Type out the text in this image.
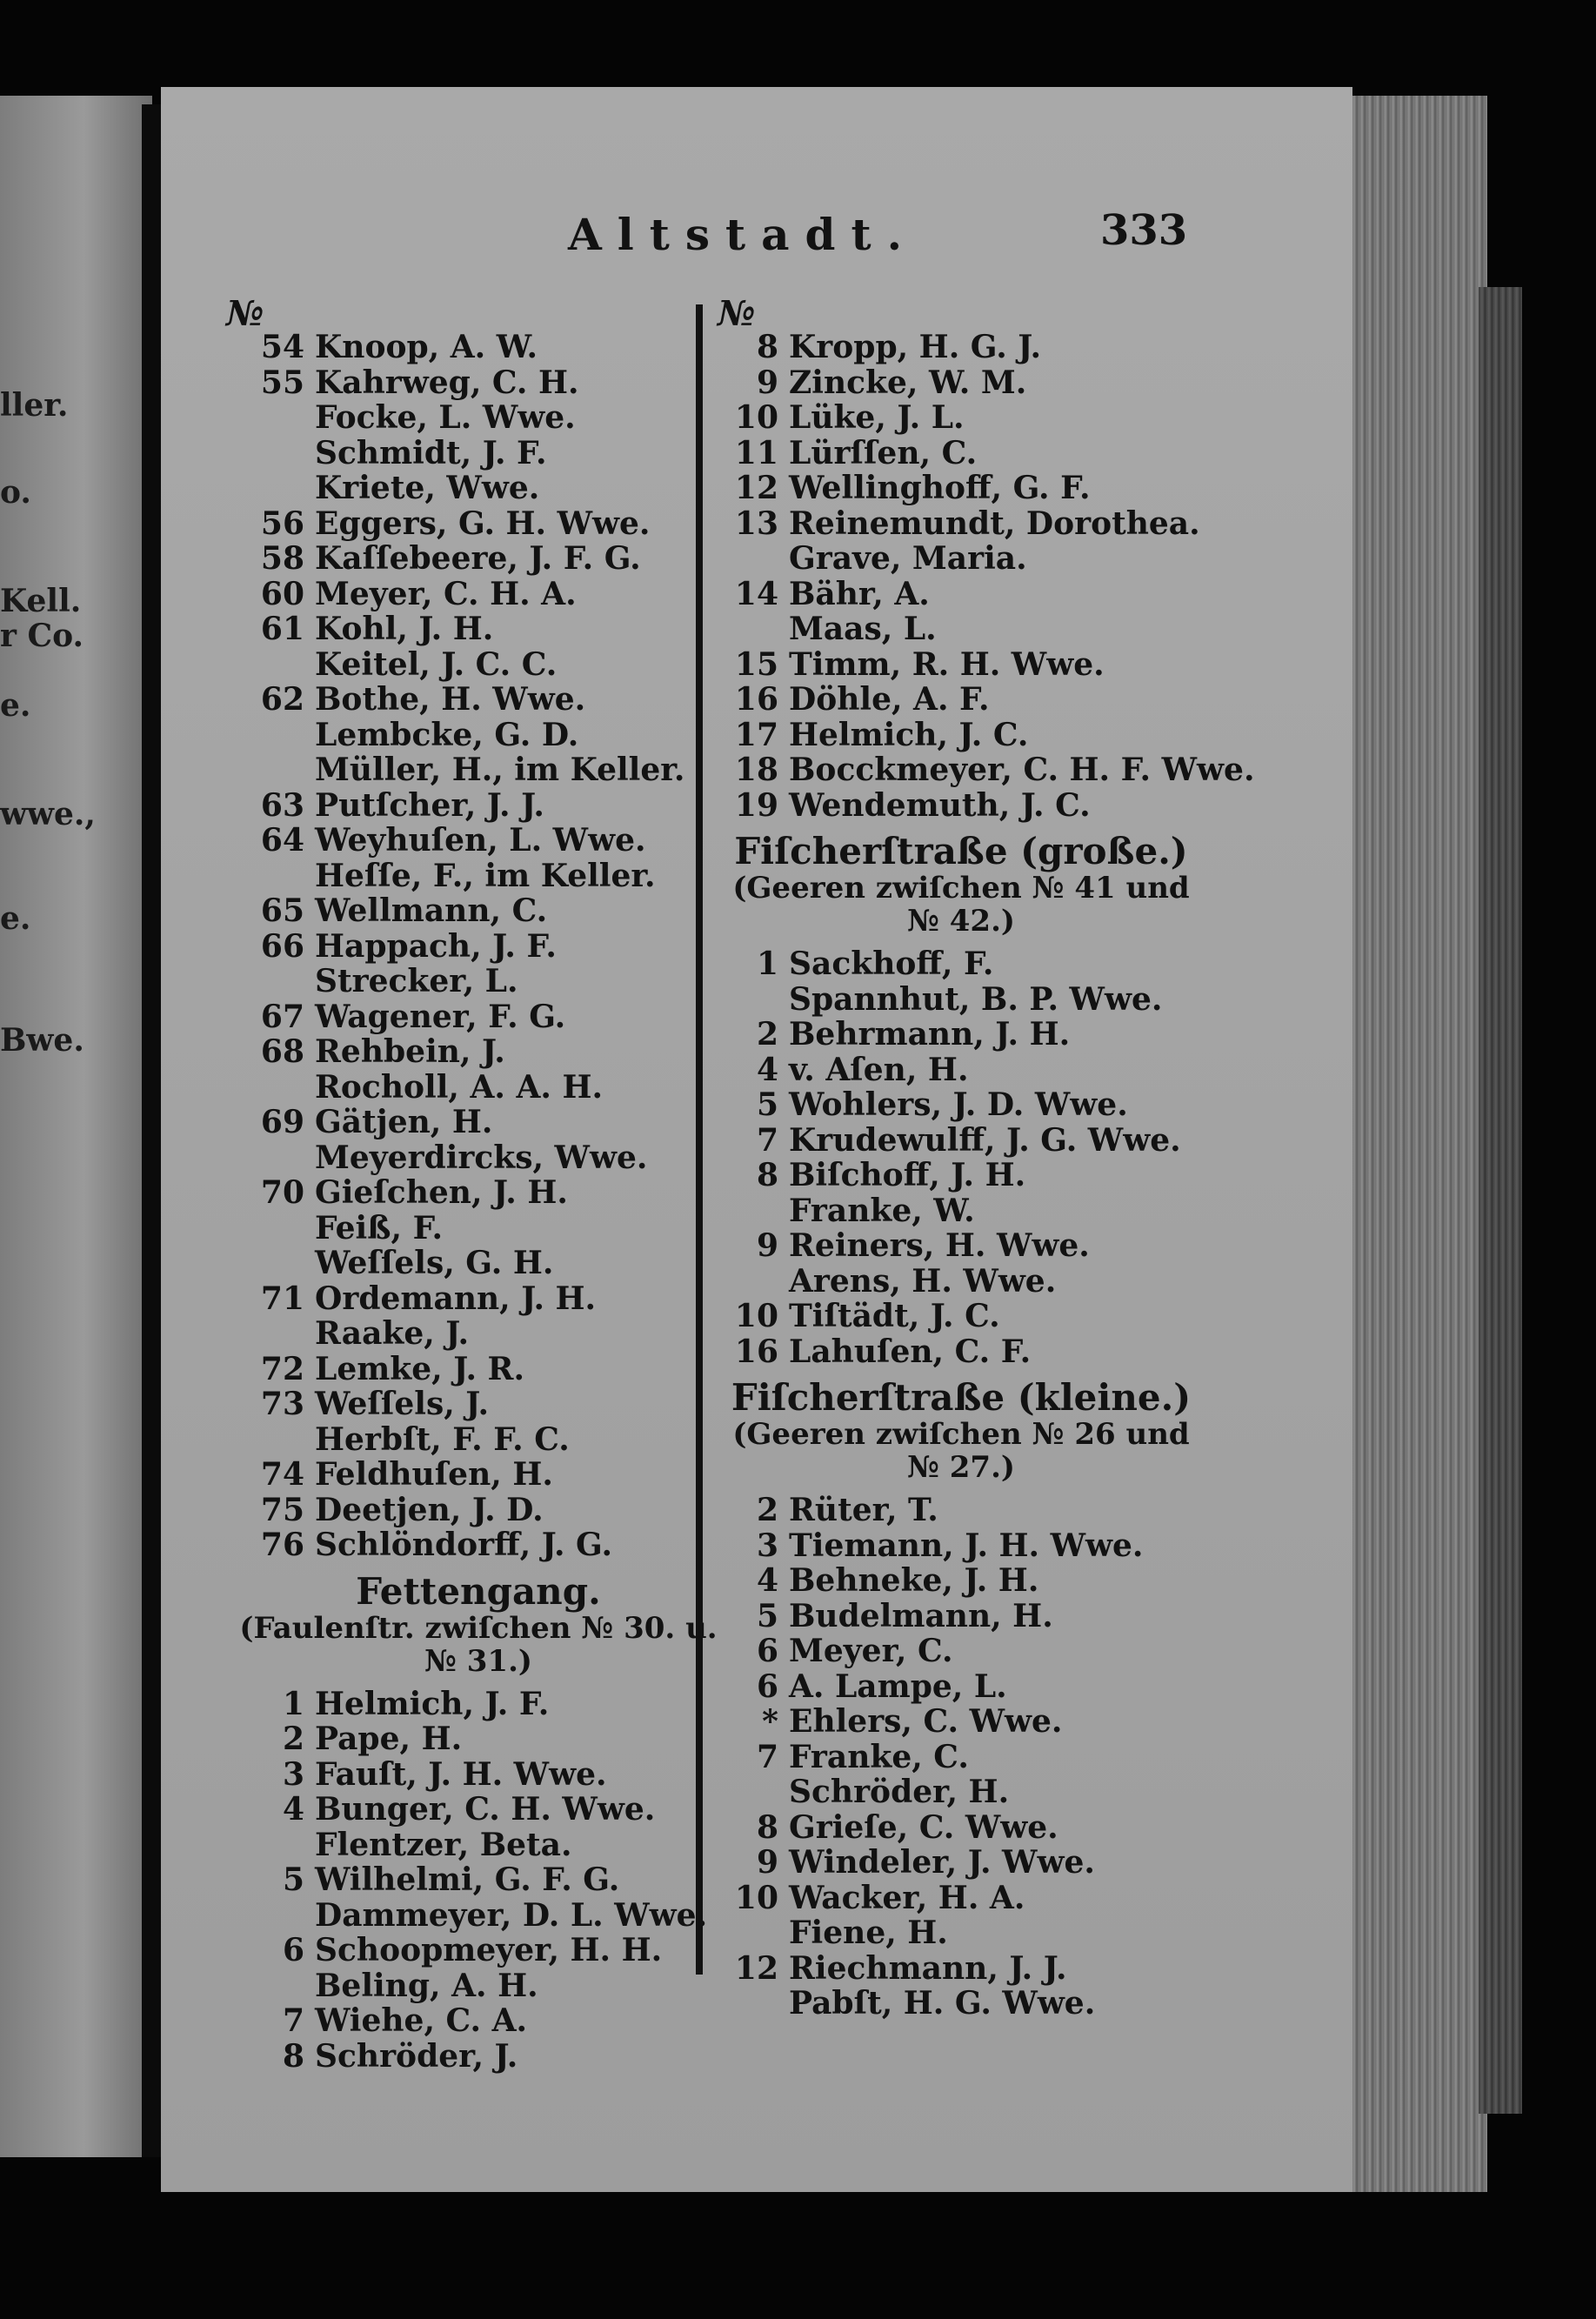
ller.
o.
Kell.
r Co.
e.
wwe.,
e.
Bwe.
Altstadt.	333
№
54 Knoop, A. W.
55 Kahrweg, C. H.
Focke, L. Wwe.
Schmidt, J. F.
Kriete, Wwe.
56 Eggers, G. H. Wwe.
58 Kaſſebeere, J. F. G.
60 Meyer, C. H. A.
61 Kohl, J. H.
Keitel, J. C. C.
62 Bothe, H. Wwe.
Lembcke, G. D.
Müller, H., im Keller.
63 Putſcher, J. J.
64 Weyhuſen, L. Wwe.
Heſſe, F., im Keller.
65 Wellmann, C.
66 Happach, J. F.
Strecker, L.
67 Wagener, F. G.
68 Rehbein, J.
Rocholl, A. A. H.
69 Gätjen, H.
Meyerdircks, Wwe.
70 Gieſchen, J. H.
Feiß, F.
Weſſels, G. H.
71 Ordemann, J. H.
Raake, J.
72 Lemke, J. R.
73 Weſſels, J.
Herbſt, F. F. C.
74 Feldhuſen, H.
75 Deetjen, J. D.
76 Schlöndorff, J. G.
Fettengang.
(Faulenſtr. zwiſchen № 30. u.
№ 31.)
1 Helmich, J. F.
2 Pape, H.
3 Fauſt, J. H. Wwe.
4 Bunger, C. H. Wwe.
Flentzer, Beta.
5 Wilhelmi, G. F. G.
Dammeyer, D. L. Wwe.
6 Schoopmeyer, H. H.
Beling, A. H.
7 Wiehe, C. A.
8 Schröder, J.
№
8 Kropp, H. G. J.
9 Zincke, W. M.
10 Lüke, J. L.
11 Lürſſen, C.
12 Wellinghoff, G. F.
13 Reinemundt, Dorothea.
Grave, Maria.
14 Bähr, A.
Maas, L.
15 Timm, R. H. Wwe.
16 Döhle, A. F.
17 Helmich, J. C.
18 Bocckmeyer, C. H. F. Wwe.
19 Wendemuth, J. C.
Fiſcherſtraße (große.)
(Geeren zwiſchen № 41 und
№ 42.)
1 Sackhoff, F.
Spannhut, B. P. Wwe.
2 Behrmann, J. H.
4 v. Aſen, H.
5 Wohlers, J. D. Wwe.
7 Krudewulff, J. G. Wwe.
8 Biſchoff, J. H.
Franke, W.
9 Reiners, H. Wwe.
Arens, H. Wwe.
10 Tiſtädt, J. C.
16 Lahuſen, C. F.
Fiſcherſtraße (kleine.)
(Geeren zwiſchen № 26 und
№ 27.)
2 Rüter, T.
3 Tiemann, J. H. Wwe.
4 Behneke, J. H.
5 Budelmann, H.
6 Meyer, C.
6 A. Lampe, L.
* Ehlers, C. Wwe.
7 Franke, C.
Schröder, H.
8 Grieſe, C. Wwe.
9 Windeler, J. Wwe.
10 Wacker, H. A.
Fiene, H.
12 Riechmann, J. J.
Pabſt, H. G. Wwe.
